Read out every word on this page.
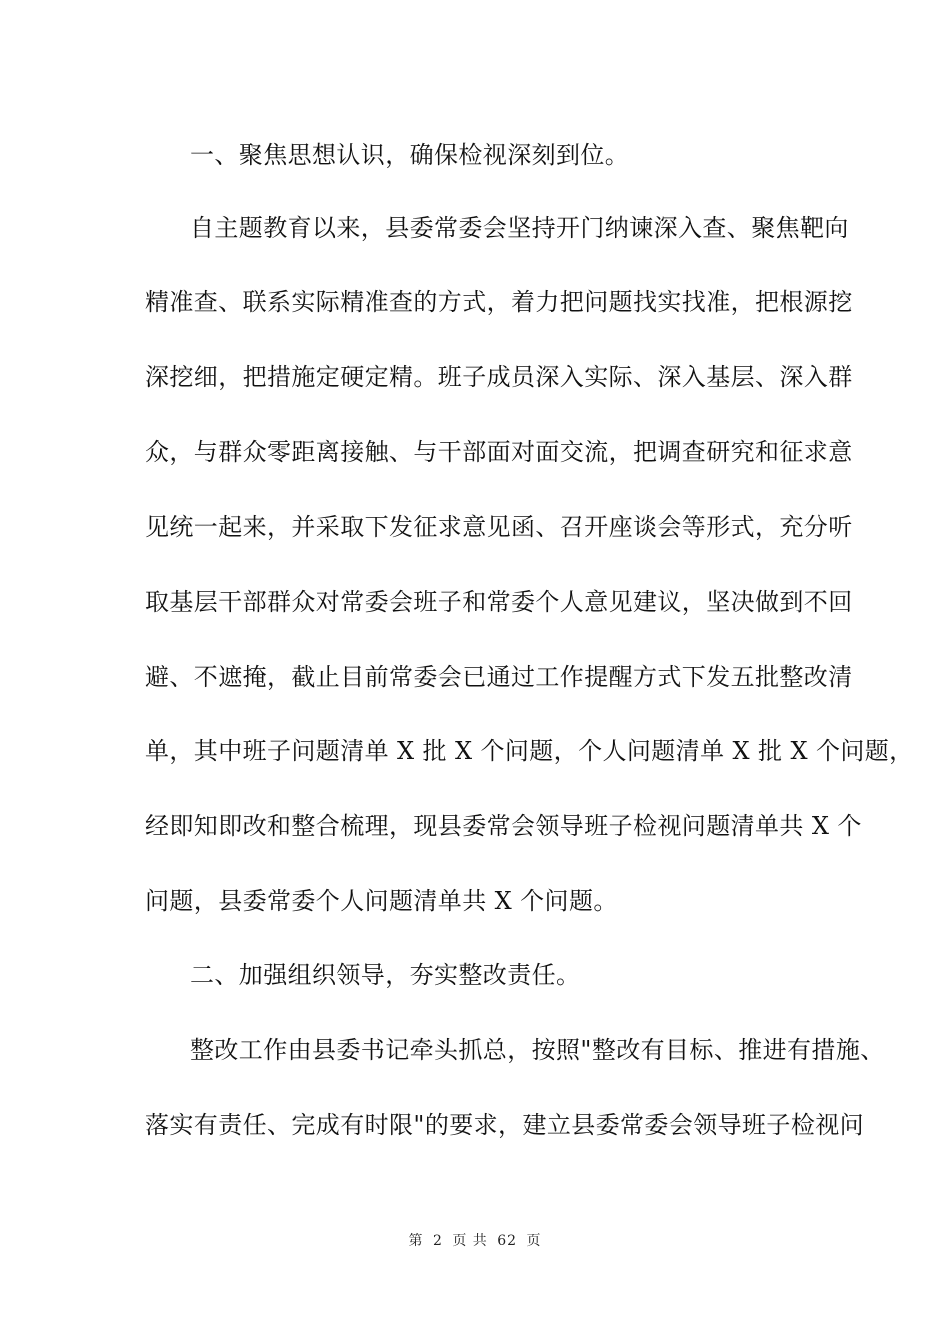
一、聚焦思想认识，确保检视深刻到位。
自主题教育以来，县委常委会坚持开门纳谏深入查、聚焦靶向
精准查、联系实际精准查的方式，着力把问题找实找准，把根源挖
深挖细，把措施定硬定精。班子成员深入实际、深入基层、深入群
众，与群众零距离接触、与干部面对面交流，把调查研究和征求意
见统一起来，并采取下发征求意见函、召开座谈会等形式，充分听
取基层干部群众对常委会班子和常委个人意见建议，坚决做到不回
避、不遮掩，截止目前常委会已通过工作提醒方式下发五批整改清
单，其中班子问题清单 X 批 X 个问题，个人问题清单 X 批 X 个问题，
经即知即改和整合梳理，现县委常会领导班子检视问题清单共 X 个
问题，县委常委个人问题清单共 X 个问题。
二、加强组织领导，夯实整改责任。
整改工作由县委书记牵头抓总，按照"整改有目标、推进有措施、
落实有责任、完成有时限"的要求，建立县委常委会领导班子检视问
第 2 页 共 62 页
